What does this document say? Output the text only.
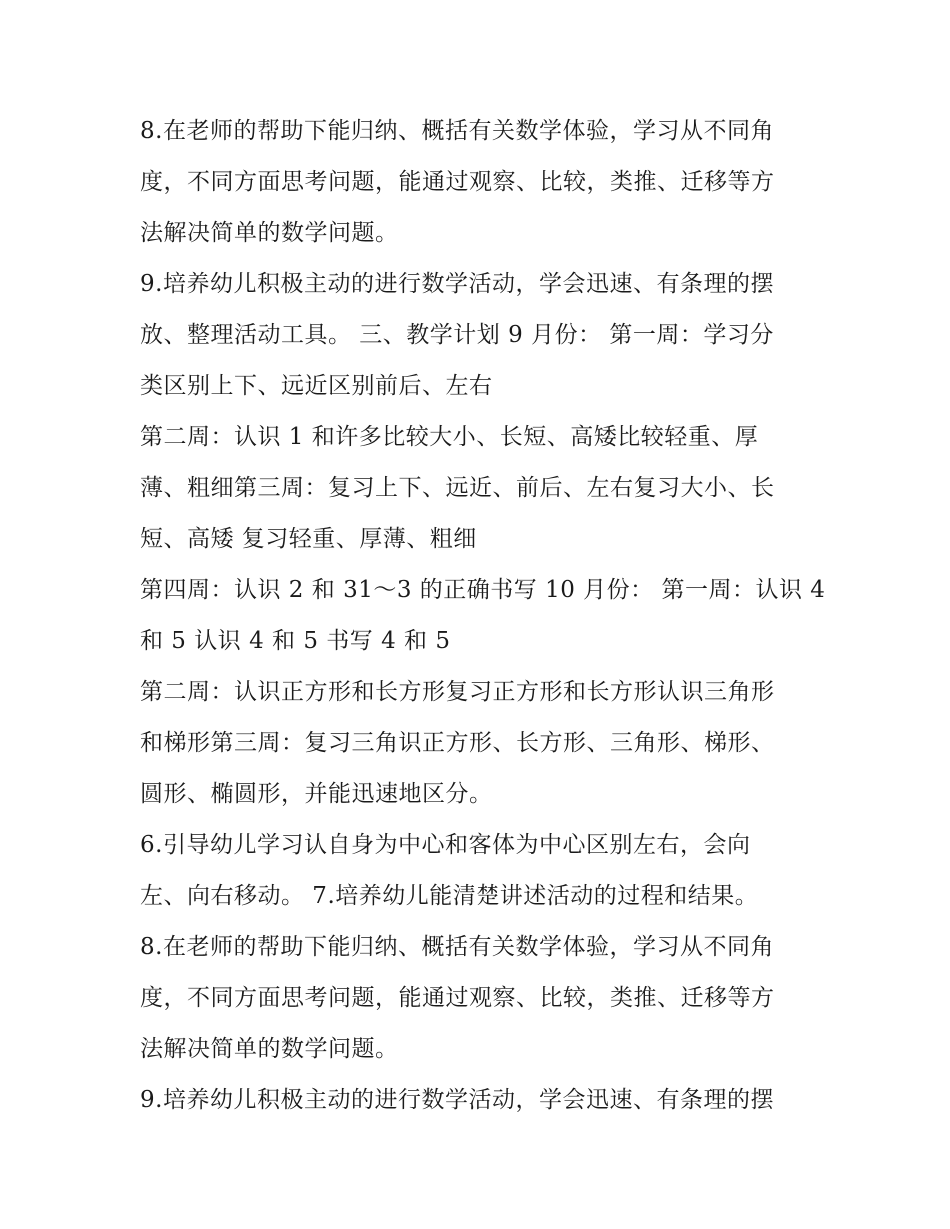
8.在老师的帮助下能归纳、概括有关数学体验，学习从不同角
度，不同方面思考问题，能通过观察、比较，类推、迁移等方
法解决简单的数学问题。
9.培养幼儿积极主动的进行数学活动，学会迅速、有条理的摆
放、整理活动工具。 三、教学计划 9 月份： 第一周：学习分
类区别上下、远近区别前后、左右
第二周：认识 1 和许多比较大小、长短、高矮比较轻重、厚
薄、粗细第三周：复习上下、远近、前后、左右复习大小、长
短、高矮 复习轻重、厚薄、粗细
第四周：认识 2 和 31～3 的正确书写 10 月份： 第一周：认识 4
和 5 认识 4 和 5 书写 4 和 5
第二周：认识正方形和长方形复习正方形和长方形认识三角形
和梯形第三周：复习三角识正方形、长方形、三角形、梯形、
圆形、椭圆形，并能迅速地区分。
6.引导幼儿学习认自身为中心和客体为中心区别左右，会向
左、向右移动。 7.培养幼儿能清楚讲述活动的过程和结果。
8.在老师的帮助下能归纳、概括有关数学体验，学习从不同角
度，不同方面思考问题，能通过观察、比较，类推、迁移等方
法解决简单的数学问题。
9.培养幼儿积极主动的进行数学活动，学会迅速、有条理的摆
